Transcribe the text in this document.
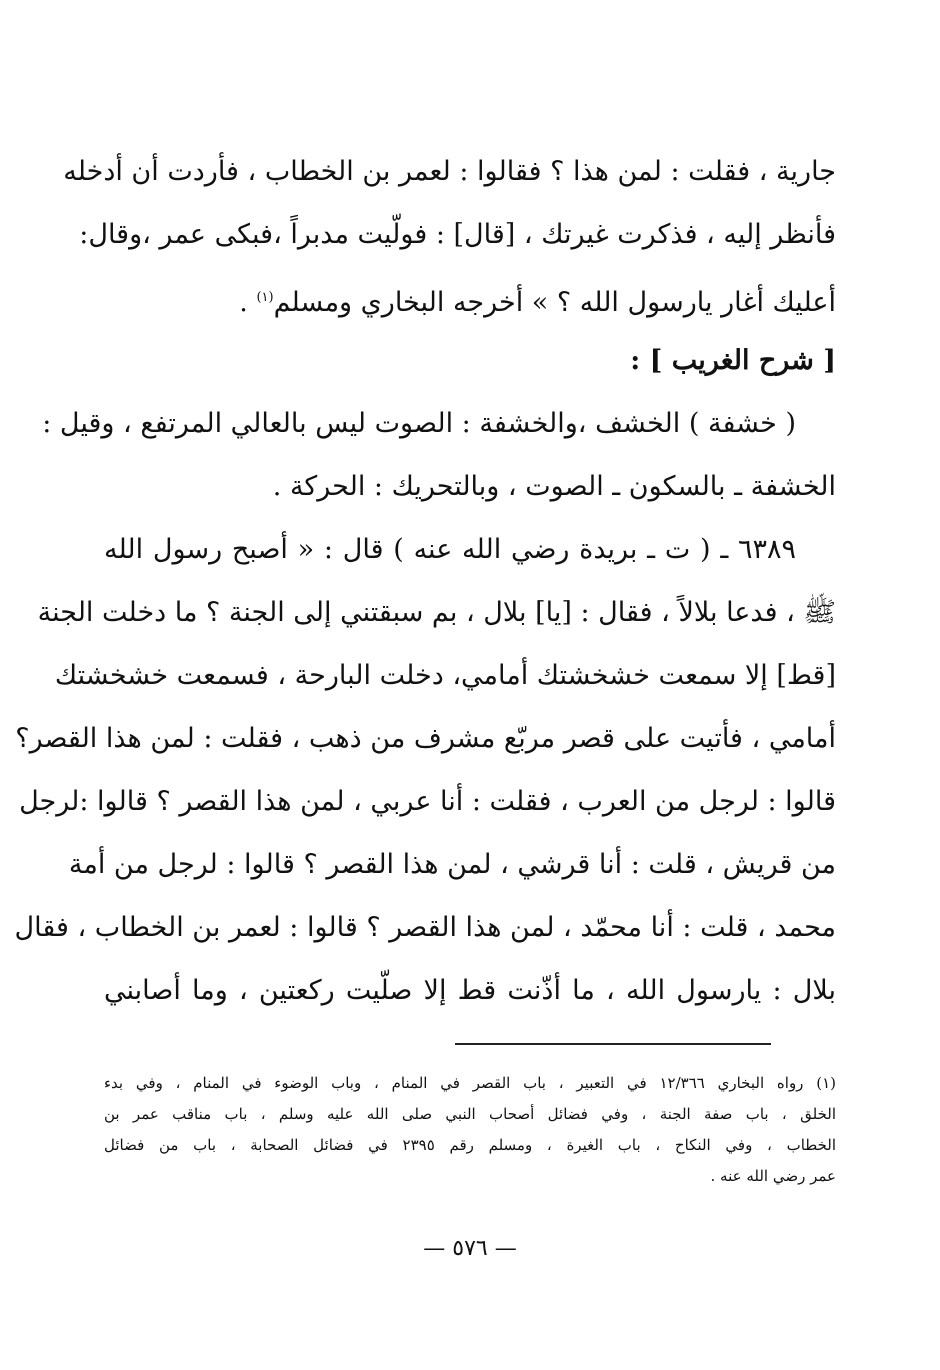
جارية ، فقلت : لمن هذا ؟ فقالوا : لعمر بن الخطاب ، فأردت أن أدخله
فأنظر إليه ، فذكرت غيرتك ، [قال] : فولّيت مدبراً ،فبكى عمر ،وقال:
أعليك أغار يارسول الله ؟ » أخرجه البخاري ومسلم$^{(١)}$ .
[ شرح الغريب ] :
( خشفة ) الخشف ،والخشفة : الصوت ليس بالعالي المرتفع ، وقيل :
الخشفة ـ بالسكون ـ الصوت ، وبالتحريك : الحركة .
٦٣٨٩ ـ ( ت ـ بريدة رضي الله عنه ) قال : « أصبح رسول الله
ﷺ ، فدعا بلالاً ، فقال : [يا] بلال ، بم سبقتني إلى الجنة ؟ ما دخلت الجنة
[قط] إلا سمعت خشخشتك أمامي، دخلت البارحة ، فسمعت خشخشتك
أمامي ، فأتيت على قصر مربّع مشرف من ذهب ، فقلت : لمن هذا القصر؟
قالوا : لرجل من العرب ، فقلت : أنا عربي ، لمن هذا القصر ؟ قالوا :لرجل
من قريش ، قلت : أنا قرشي ، لمن هذا القصر ؟ قالوا : لرجل من أمة
محمد ، قلت : أنا محمّد ، لمن هذا القصر ؟ قالوا : لعمر بن الخطاب ، فقال
بلال : يارسول الله ، ما أذّنت قط إلا صلّيت ركعتين ، وما أصابني
(١) رواه البخاري ١٢/٣٦٦ في التعبير ، باب القصر في المنام ، وباب الوضوء في المنام ، وفي بدء
الخلق ، باب صفة الجنة ، وفي فضائل أصحاب النبي صلى الله عليه وسلم ، باب مناقب عمر بن
الخطاب ، وفي النكاح ، باب الغيرة ، ومسلم رقم ٢٣٩٥ في فضائل الصحابة ، باب من فضائل
عمر رضي الله عنه .
— ٥٧٦ —
